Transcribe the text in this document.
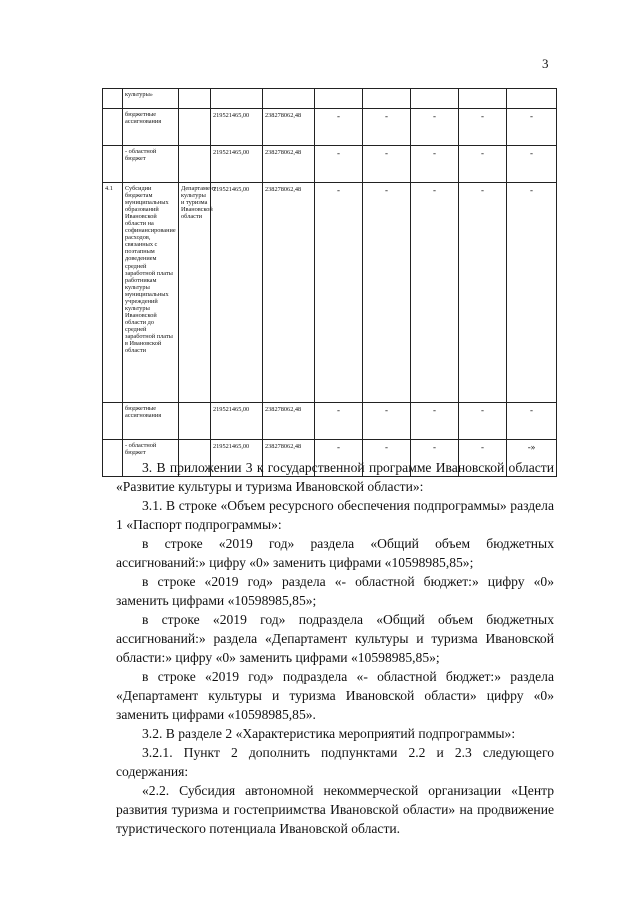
3
	культуры»								
	бюджетные ассигнования		219521465,00	238278062,48	-	-	-	-	-
	- областной бюджет		219521465,00	238278062,48	-	-	-	-	-
4.1	Субсидии бюджетам муниципальных образований Ивановской области на софинансирование расходов, связанных с поэтапным доведением средней заработной платы работникам культуры муниципальных учреждений культуры Ивановской области до средней заработной платы в Ивановской области	Департамент культуры и туризма Ивановской области	219521465,00	238278062,48	-	-	-	-	-
	бюджетные ассигнования		219521465,00	238278062,48	-	-	-	-	-
	- областной бюджет		219521465,00	238278062,48	-	-	-	-	-»

3. В приложении 3 к государственной программе Ивановской области «Развитие культуры и туризма Ивановской области»:

3.1. В строке «Объем ресурсного обеспечения подпрограммы» раздела 1 «Паспорт подпрограммы»:

в строке «2019 год» раздела «Общий объем бюджетных ассигнований:» цифру «0» заменить цифрами «10598985,85»;

в строке «2019 год» раздела «- областной бюджет:» цифру «0» заменить цифрами «10598985,85»;

в строке «2019 год» подраздела «Общий объем бюджетных ассигнований:» раздела «Департамент культуры и туризма Ивановской области:» цифру «0» заменить цифрами «10598985,85»;

в строке «2019 год» подраздела «- областной бюджет:» раздела «Департамент культуры и туризма Ивановской области» цифру «0» заменить цифрами «10598985,85».

3.2. В разделе 2 «Характеристика мероприятий подпрограммы»:

3.2.1. Пункт 2 дополнить подпунктами 2.2 и 2.3 следующего содержания:

«2.2. Субсидия автономной некоммерческой организации «Центр развития туризма и гостеприимства Ивановской области» на продвижение туристического потенциала Ивановской области.
